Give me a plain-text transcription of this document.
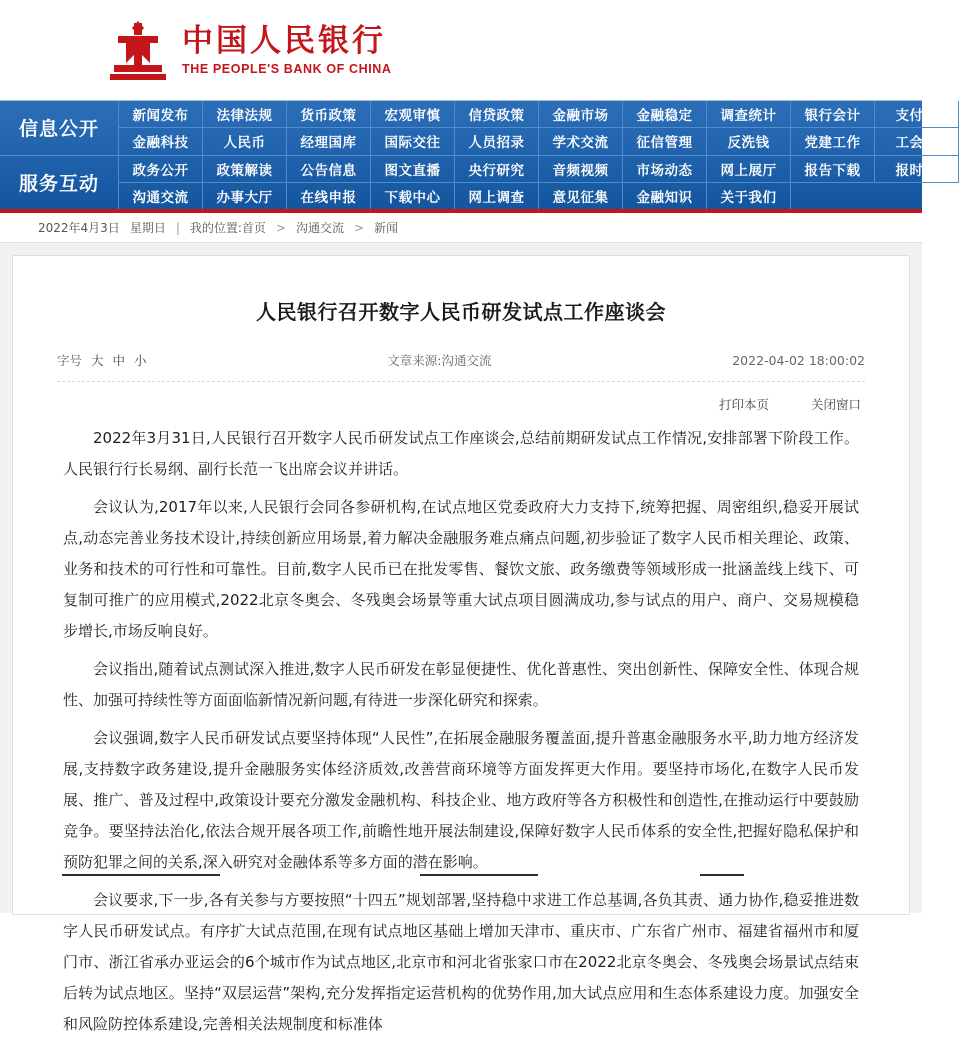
中国人民银行
THE PEOPLE'S BANK OF CHINA
信息公开
服务互动
新闻发布	法律法规	货币政策	宏观审慎	信贷政策	金融市场	金融稳定	调查统计	银行会计	支付体
金融科技	人民币	经理国库	国际交往	人员招录	学术交流	征信管理	反洗钱	党建工作	工会工
政务公开	政策解读	公告信息	图文直播	央行研究	音频视频	市场动态	网上展厅	报告下载	报时年
沟通交流	办事大厅	在线申报	下载中心	网上调查	意见征集	金融知识	关于我们
2022年4月3日 星期日 | 我的位置: 首页 > 沟通交流 > 新闻
人民银行召开数字人民币研发试点工作座谈会
字号 大 中 小	文章来源:沟通交流	2022-04-02 18:00:02
打印本页	关闭窗口

2022年3月31日,人民银行召开数字人民币研发试点工作座谈会,总结前期研发试点工作情况,安排部署下阶段工作。人民银行行长易纲、副行长范一飞出席会议并讲话。

会议认为,2017年以来,人民银行会同各参研机构,在试点地区党委政府大力支持下,统筹把握、周密组织,稳妥开展试点,动态完善业务技术设计,持续创新应用场景,着力解决金融服务难点痛点问题,初步验证了数字人民币相关理论、政策、业务和技术的可行性和可靠性。目前,数字人民币已在批发零售、餐饮文旅、政务缴费等领域形成一批涵盖线上线下、可复制可推广的应用模式,2022北京冬奥会、冬残奥会场景等重大试点项目圆满成功,参与试点的用户、商户、交易规模稳步增长,市场反响良好。

会议指出,随着试点测试深入推进,数字人民币研发在彰显便捷性、优化普惠性、突出创新性、保障安全性、体现合规性、加强可持续性等方面面临新情况新问题,有待进一步深化研究和探索。

会议强调,数字人民币研发试点要坚持体现“人民性”,在拓展金融服务覆盖面,提升普惠金融服务水平,助力地方经济发展,支持数字政务建设,提升金融服务实体经济质效,改善营商环境等方面发挥更大作用。要坚持市场化,在数字人民币发展、推广、普及过程中,政策设计要充分激发金融机构、科技企业、地方政府等各方积极性和创造性,在推动运行中要鼓励竞争。要坚持法治化,依法合规开展各项工作,前瞻性地开展法制建设,保障好数字人民币体系的安全性,把握好隐私保护和预防犯罪之间的关系,深入研究对金融体系等多方面的潜在影响。

会议要求,下一步,各有关参与方要按照“十四五”规划部署,坚持稳中求进工作总基调,各负其责、通力协作,稳妥推进数字人民币研发试点。有序扩大试点范围,在现有试点地区基础上增加天津市、重庆市、广东省广州市、福建省福州市和厦门市、浙江省承办亚运会的6个城市作为试点地区,北京市和河北省张家口市在2022北京冬奥会、冬残奥会场景试点结束后转为试点地区。坚持“双层运营”架构,充分发挥指定运营机构的优势作用,加大试点应用和生态体系建设力度。加强安全和风险防控体系建设,完善相关法规制度和标准体
